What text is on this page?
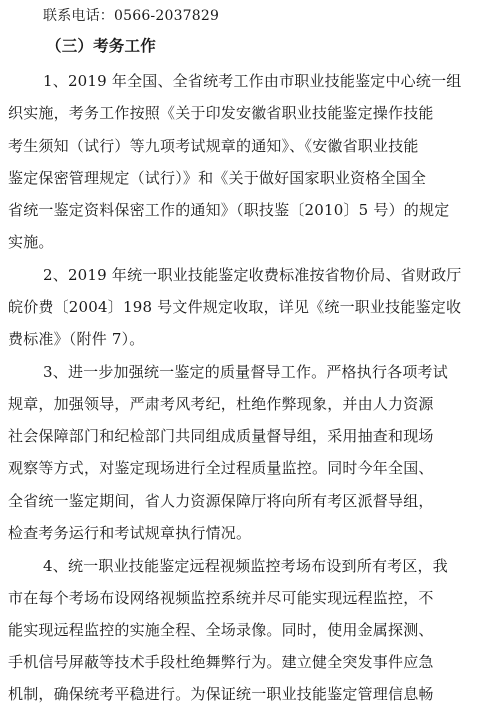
联系电话：0566-2037829
（三）考务工作
1、2019 年全国、全省统考工作由市职业技能鉴定中心统一组
织实施，考务工作按照《关于印发安徽省职业技能鉴定操作技能
考生须知（试行）等九项考试规章的通知》、《安徽省职业技能
鉴定保密管理规定（试行）》和《关于做好国家职业资格全国全
省统一鉴定资料保密工作的通知》（职技鉴〔2010〕5 号）的规定
实施。
2、2019 年统一职业技能鉴定收费标准按省物价局、省财政厅
皖价费〔2004〕198 号文件规定收取，详见《统一职业技能鉴定收
费标准》（附件 7）。
3、进一步加强统一鉴定的质量督导工作。严格执行各项考试
规章，加强领导，严肃考风考纪，杜绝作弊现象，并由人力资源
社会保障部门和纪检部门共同组成质量督导组，采用抽查和现场
观察等方式，对鉴定现场进行全过程质量监控。同时今年全国、
全省统一鉴定期间，省人力资源保障厅将向所有考区派督导组，
检查考务运行和考试规章执行情况。
4、统一职业技能鉴定远程视频监控考场布设到所有考区，我
市在每个考场布设网络视频监控系统并尽可能实现远程监控，不
能实现远程监控的实施全程、全场录像。同时，使用金属探测、
手机信号屏蔽等技术手段杜绝舞弊行为。建立健全突发事件应急
机制，确保统考平稳进行。为保证统一职业技能鉴定管理信息畅
